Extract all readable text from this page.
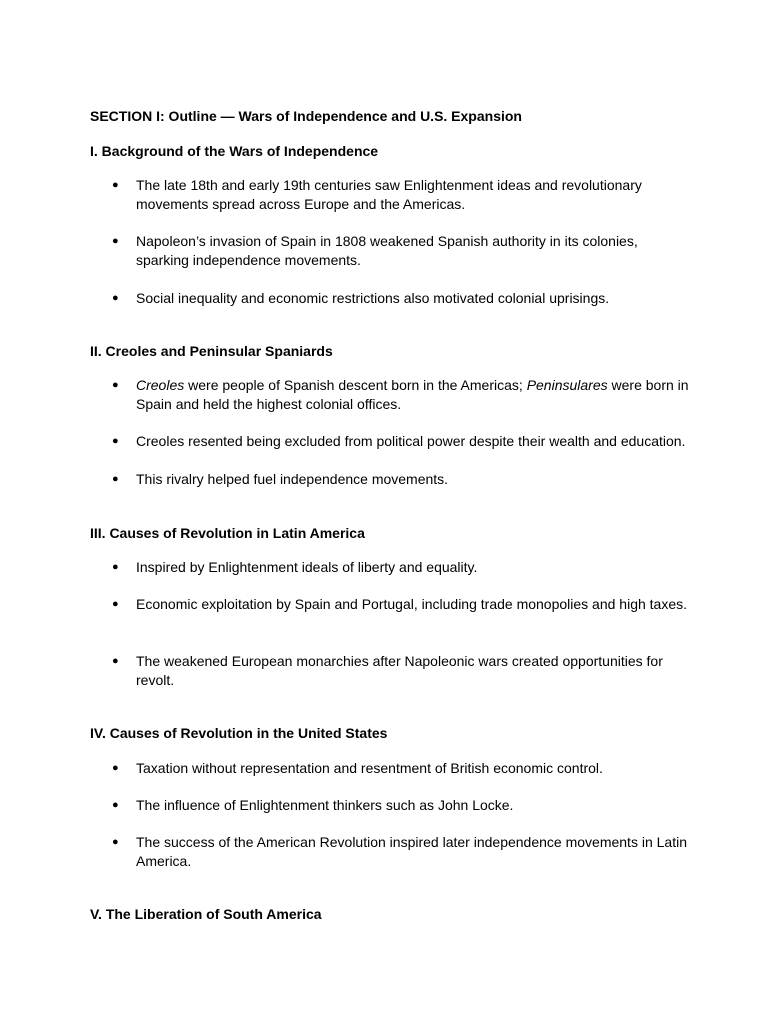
SECTION I: Outline — Wars of Independence and U.S. Expansion
I. Background of the Wars of Independence
●	The late 18th and early 19th centuries saw Enlightenment ideas and revolutionary movements spread across Europe and the Americas.
●	Napoleon’s invasion of Spain in 1808 weakened Spanish authority in its colonies, sparking independence movements.
●	Social inequality and economic restrictions also motivated colonial uprisings.
II. Creoles and Peninsular Spaniards
●	Creoles were people of Spanish descent born in the Americas; Peninsulares were born in Spain and held the highest colonial offices.
●	Creoles resented being excluded from political power despite their wealth and education.
●	This rivalry helped fuel independence movements.
III. Causes of Revolution in Latin America
●	Inspired by Enlightenment ideals of liberty and equality.
●	Economic exploitation by Spain and Portugal, including trade monopolies and high taxes.
●	The weakened European monarchies after Napoleonic wars created opportunities for revolt.
IV. Causes of Revolution in the United States
●	Taxation without representation and resentment of British economic control.
●	The influence of Enlightenment thinkers such as John Locke.
●	The success of the American Revolution inspired later independence movements in Latin America.
V. The Liberation of South America
